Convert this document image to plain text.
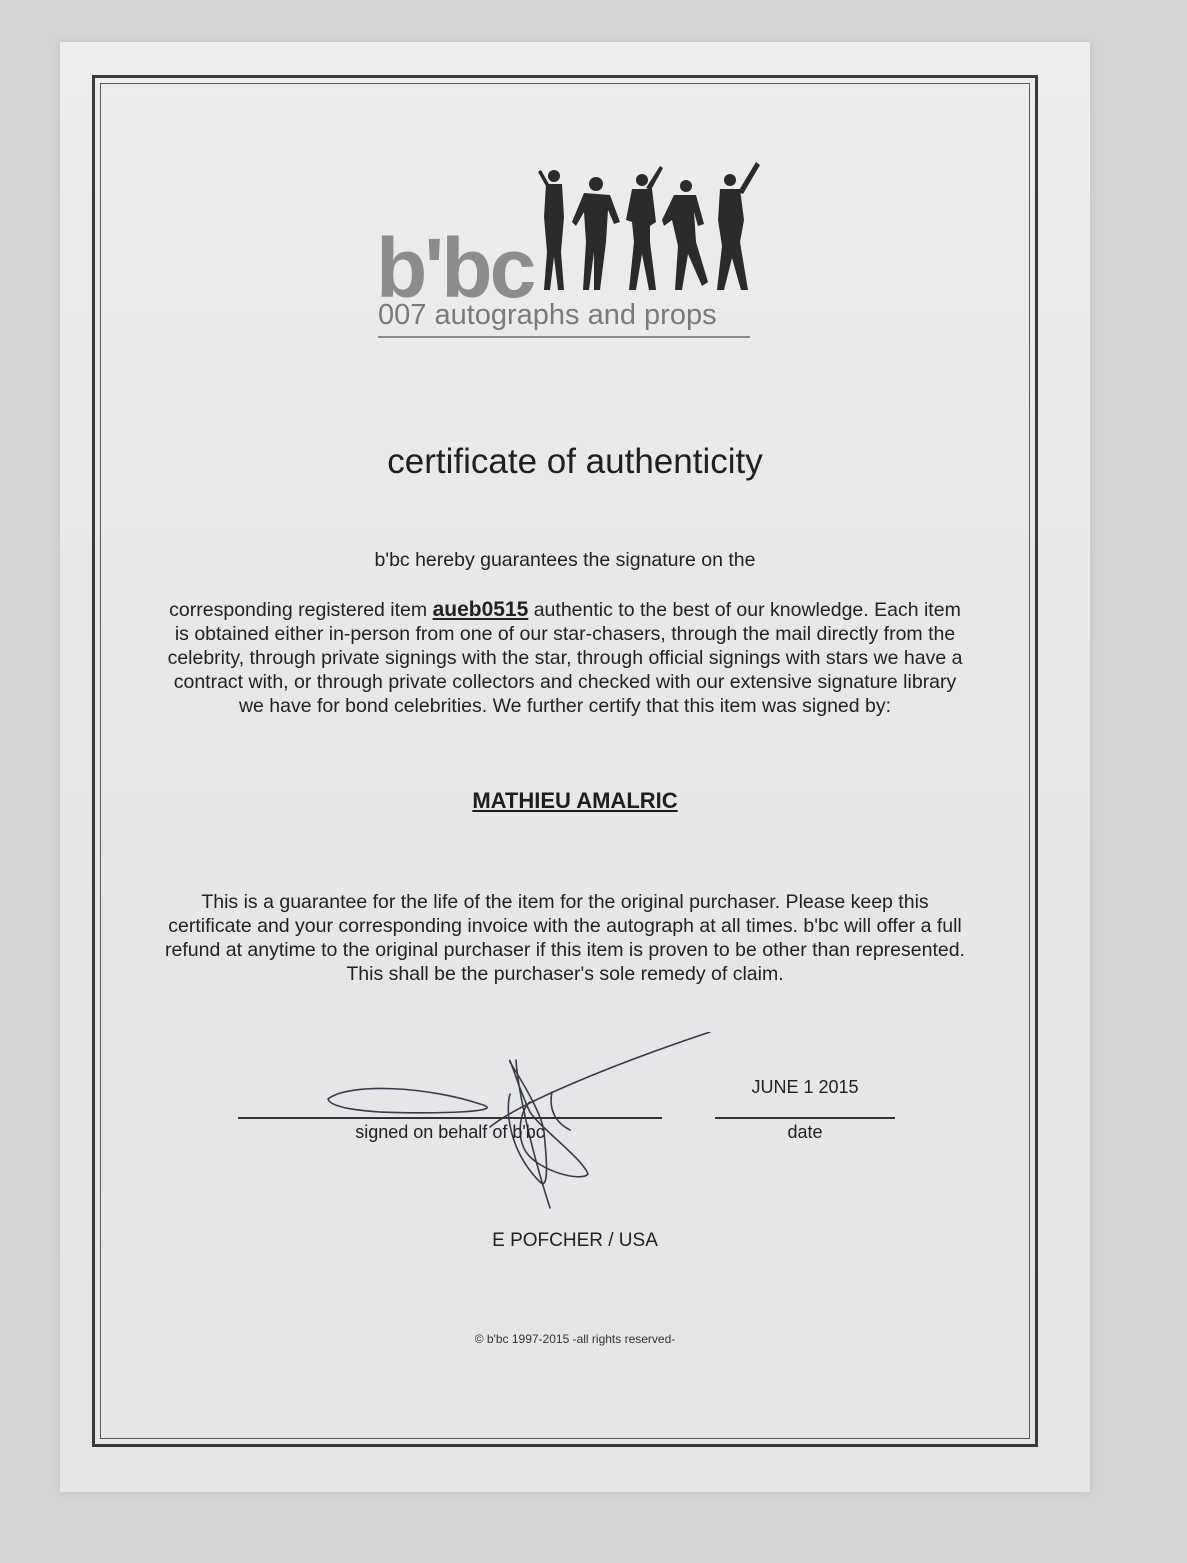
b'bc
007 autographs and props
certificate of authenticity
b'bc hereby guarantees the signature on the
corresponding registered item aueb0515 authentic to the best of our knowledge. Each item is obtained either in-person from one of our star-chasers, through the mail directly from the celebrity, through private signings with the star, through official signings with stars we have a contract with, or through private collectors and checked with our extensive signature library we have for bond celebrities. We further certify that this item was signed by:
MATHIEU AMALRIC
This is a guarantee for the life of the item for the original purchaser. Please keep this certificate and your corresponding invoice with the autograph at all times. b'bc will offer a full refund at anytime to the original purchaser if this item is proven to be other than represented. This shall be the purchaser's sole remedy of claim.
signed on behalf of b'bc
JUNE 1 2015
date
E POFCHER / USA
© b'bc 1997-2015 -all rights reserved-
